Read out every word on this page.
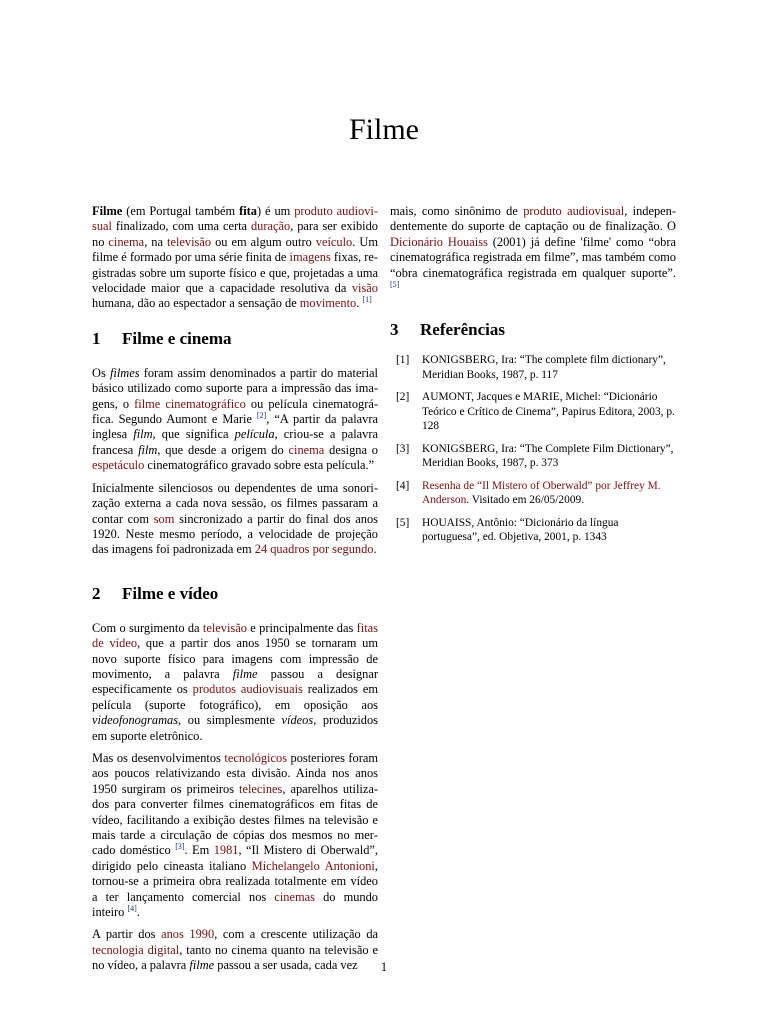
Filme

Filme (em Portugal também fita) é um produto audiovisual finalizado, com uma certa duração, para ser exibido no cinema, na televisão ou em algum outro veículo. Um filme é formado por uma série finita de imagens fixas, registradas sobre um suporte físico e que, projetadas a uma velocidade maior que a capacidade resolutiva da visão humana, dão ao espectador a sensação de movimento. [1]

1 Filme e cinema

Os filmes foram assim denominados a partir do material básico utilizado como suporte para a impressão das imagens, o filme cinematográfico ou película cinematográfica. Segundo Aumont e Marie [2], “A partir da palavra inglesa film, que significa película, criou-se a palavra francesa film, que desde a origem do cinema designa o espetáculo cinematográfico gravado sobre esta película.”

Inicialmente silenciosos ou dependentes de uma sonorização externa a cada nova sessão, os filmes passaram a contar com som sincronizado a partir do final dos anos 1920. Neste mesmo período, a velocidade de projeção das imagens foi padronizada em 24 quadros por segundo.

2 Filme e vídeo

Com o surgimento da televisão e principalmente das fitas de vídeo, que a partir dos anos 1950 se tornaram um novo suporte físico para imagens com impressão de movimento, a palavra filme passou a designar especificamente os produtos audiovisuais realizados em película (suporte fotográfico), em oposição aos videofonogramas, ou simplesmente vídeos, produzidos em suporte eletrônico.

Mas os desenvolvimentos tecnológicos posteriores foram aos poucos relativizando esta divisão. Ainda nos anos 1950 surgiram os primeiros telecines, aparelhos utilizados para converter filmes cinematográficos em fitas de vídeo, facilitando a exibição destes filmes na televisão e mais tarde a circulação de cópias dos mesmos no mercado doméstico [3]. Em 1981, “Il Mistero di Oberwald”, dirigido pelo cineasta italiano Michelangelo Antonioni, tornou-se a primeira obra realizada totalmente em vídeo a ter lançamento comercial nos cinemas do mundo inteiro [4].

A partir dos anos 1990, com a crescente utilização da tecnologia digital, tanto no cinema quanto na televisão e no vídeo, a palavra filme passou a ser usada, cada vez

mais, como sinônimo de produto audiovisual, independentemente do suporte de captação ou de finalização. O Dicionário Houaiss (2001) já define 'filme' como “obra cinematográfica registrada em filme”, mas também como “obra cinematográfica registrada em qualquer suporte”. [5]

3 Referências
[1] KONIGSBERG, Ira: “The complete film dictionary”, Meridian Books, 1987, p. 117
[2] AUMONT, Jacques e MARIE, Michel: “Dicionário Teórico e Crítico de Cinema”, Papirus Editora, 2003, p. 128
[3] KONIGSBERG, Ira: “The Complete Film Dictionary”, Meridian Books, 1987, p. 373
[4] Resenha de “Il Mistero of Oberwald” por Jeffrey M. Anderson. Visitado em 26/05/2009.
[5] HOUAISS, Antônio: “Dicionário da língua portuguesa”, ed. Objetiva, 2001, p. 1343
1
